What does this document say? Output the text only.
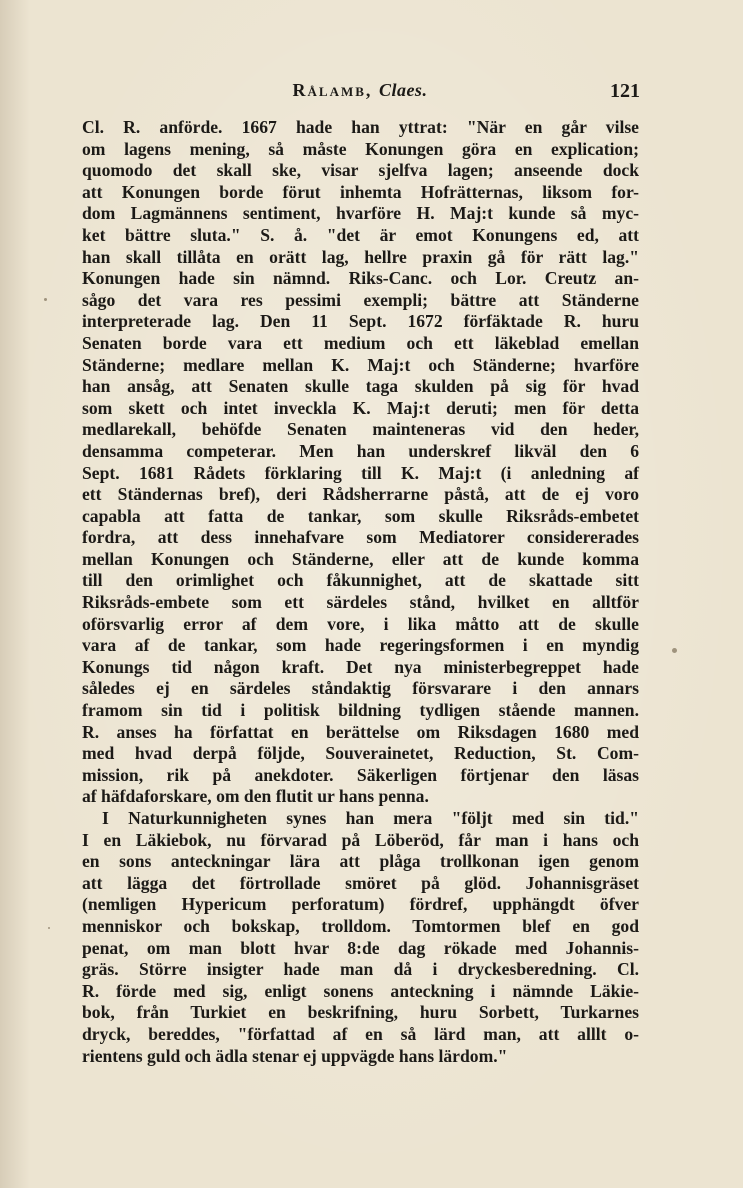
Rålamb, Claes.	121
Cl. R. anförde. 1667 hade han yttrat: "När en går vilse
om lagens mening, så måste Konungen göra en explication;
quomodo det skall ske, visar sjelfva lagen; anseende dock
att Konungen borde förut inhemta Hofrätternas, liksom for-
dom Lagmännens sentiment, hvarföre H. Maj:t kunde så myc-
ket bättre sluta." S. å. "det är emot Konungens ed, att
han skall tillåta en orätt lag, hellre praxin gå för rätt lag."
Konungen hade sin nämnd. Riks-Canc. och Lor. Creutz an-
sågo det vara res pessimi exempli; bättre att Ständerne
interpreterade lag. Den 11 Sept. 1672 förfäktade R. huru
Senaten borde vara ett medium och ett läkeblad emellan
Ständerne; medlare mellan K. Maj:t och Ständerne; hvarföre
han ansåg, att Senaten skulle taga skulden på sig för hvad
som skett och intet inveckla K. Maj:t deruti; men för detta
medlarekall, behöfde Senaten mainteneras vid den heder,
densamma competerar. Men han underskref likväl den 6
Sept. 1681 Rådets förklaring till K. Maj:t (i anledning af
ett Ständernas bref), deri Rådsherrarne påstå, att de ej voro
capabla att fatta de tankar, som skulle Riksråds-embetet
fordra, att dess innehafvare som Mediatorer considererades
mellan Konungen och Ständerne, eller att de kunde komma
till den orimlighet och fåkunnighet, att de skattade sitt
Riksråds-embete som ett särdeles stånd, hvilket en alltför
oförsvarlig error af dem vore, i lika måtto att de skulle
vara af de tankar, som hade regeringsformen i en myndig
Konungs tid någon kraft. Det nya ministerbegreppet hade
således ej en särdeles ståndaktig försvarare i den annars
framom sin tid i politisk bildning tydligen stående mannen.
R. anses ha författat en berättelse om Riksdagen 1680 med
med hvad derpå följde, Souverainetet, Reduction, St. Com-
mission, rik på anekdoter. Säkerligen förtjenar den läsas
af häfdaforskare, om den flutit ur hans penna.
I Naturkunnigheten synes han mera "följt med sin tid."
I en Läkiebok, nu förvarad på Löberöd, får man i hans och
en sons anteckningar lära att plåga trollkonan igen genom
att lägga det förtrollade smöret på glöd. Johannisgräset
(nemligen Hypericum perforatum) fördref, upphängdt öfver
menniskor och bokskap, trolldom. Tomtormen blef en god
penat, om man blott hvar 8:de dag rökade med Johannis-
gräs. Större insigter hade man då i dryckesberedning. Cl.
R. förde med sig, enligt sonens anteckning i nämnde Läkie-
bok, från Turkiet en beskrifning, huru Sorbett, Turkarnes
dryck, bereddes, "författad af en så lärd man, att alllt o-
rientens guld och ädla stenar ej uppvägde hans lärdom."
